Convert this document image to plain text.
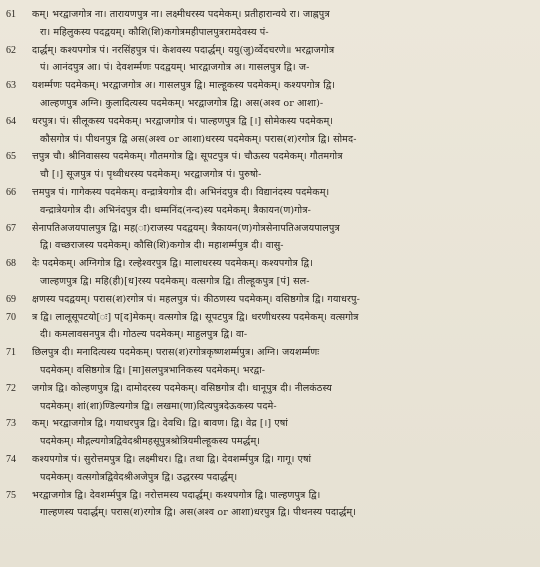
61	कम्। भरद्वाजगोत्र ना। तारायणपुत्र ना। लक्ष्मीधरस्य पदमेकम्। प्रतीहारान्वये रा। जाह्नपुत्र
रा। महिलुकस्य पदद्वयम्। कौशि(शि)कगोत्रमहीपालपुत्ररामदेवस्य पं-
62	दार्द्धम्। कश्यपगोत्र पं। नरसिंहपुत्र पं। केशवस्य पदार्द्धम्। ययु(जु)र्व्वेदचरणे॥ भरद्वाजगोत्र
पं। आनंदपुत्र आ। पं। देवशर्म्मणः पदद्वयम्। भारद्वाजगोत्र अ। गासलपुत्र द्वि। ज-
63	यशर्म्मणः पदमेकम्। भरद्वाजगोत्र अ। गासलपुत्र द्वि। माल्हूकस्य पदमेकम्। कश्यपगोत्र द्वि।
आल्हणपुत्र अग्नि। कुलादित्यस्य पदमेकम्। भरद्वाजगोत्र द्वि। अस(अश्व or आशा)-
64	धरपुत्र। पं। सीलूकस्य पदमेकम्। भरद्वाजगोत्र पं। पाल्हणपुत्र द्वि [।] सोमेकस्य पदमेकम्।
कौसगोत्र पं। पीथनपुत्र द्वि अस(अश्व or आशा)धरस्य पदमेकम्। परास(श)रगोत्र द्वि। सोमद-
65	त्तपुत्र चौ। श्रीनिवासस्य पदमेकम्। गौतमगोत्र द्वि। सूपटपुत्र पं। चौऊस्य पदमेकम्। गौतमगोत्र
चौ [।] सूजपुत्र पं। पृथ्वीधरस्य पदमेकम्। भरद्वाजगोत्र पं। पुरुषो-
66	त्तमपुत्र पं। गागेकस्य पदमेकम्। वन्द्रात्रेयगोत्र दी। अभिनंदपुत्र दी। विद्यानंदस्य पदमेकम्।
वन्द्रात्रेयगोत्र दी। अभिनंदपुत्र दी। धम्मनिंद(नन्द)स्य पदमेकम्। त्रैकायन(ण)गोत्र-
67	सेनापतिअजयपालपुत्र द्वि। मह(ा)राजस्य पदद्वयम्। त्रैकायन(ण)गोत्रसेनापतिअजयपालपुत्र
द्वि। वच्छराजस्य पदमेकम्। कौसि(शि)कगोत्र दी। महाशर्म्मपुत्र दी। वासु-
68	देः पदमेकम्। अग्निगोत्र द्वि। रल्हेश्वरपुत्र द्वि। मालाधरस्य पदमेकम्। कश्यपगोत्र द्वि।
जाल्हणपुत्र द्वि। महि(ही)[ध]रस्य पदमेकम्। वत्सगोत्र द्वि। तील्हूकपुत्र [पं] सल-
69	क्षणस्य पदद्वयम्। परास(श)रगोत्र पं। महलपुत्र पं। कीठणस्य पदमेकम्। वसिष्ठगोत्र द्वि। गयाधरपु-
70	त्र द्वि। लालूसूपटयो[ः] प[द]मेकम्। वत्सगोत्र द्वि। सूपटपुत्र द्वि। धरणीधरस्य पदमेकम्। वत्सगोत्र
दी। कमलावसनपुत्र दी। गोठल्य पदमेकम्। माहुलपुत्र द्वि। वा-
71	छिलपुत्र दी। मनादित्यस्य पदमेकम्। परास(श)रगोत्रकृष्णशर्म्मपुत्र। अग्नि। जयशर्म्मणः
पदमेकम्। वसिष्ठगोत्र द्वि। [मा]सलपुत्रभानिकस्य पदमेकम्। भरद्वा-
72	जगोत्र द्वि। कोल्हणपुत्र द्वि। दामोदरस्य पदमेकम्। वसिष्ठगोत्र दी। धानूपुत्र दी। नीलकंठस्य
पदमेकम्। शां(शा)ण्डिल्यगोत्र द्वि। लखमा(णा)दित्यपुत्रदेऊकस्य पदमे-
73	कम्। भरद्वाजगोत्र द्वि। गयाधरपुत्र द्वि। देवधि। द्वि। बावण। द्वि। वेद्र [।] एषां
पदमेकम्। मौद्गल्यगोत्रद्विवेदश्रीमहसूपुत्रश्रोत्रियमील्हूकस्य पमर्द्धम्।
74	कश्यपगोत्र पं। सुरोत्तमपुत्र द्वि। लक्ष्मीधर। द्वि। तथा द्वि। देवशर्म्मपुत्र द्वि। गागू। एषां
पदमेकम्। वत्सगोत्रद्विवेदश्रीअजेपुत्र द्वि। उद्धरस्य पदार्द्धम्।
75	भरद्वाजगोत्र द्वि। देवशर्म्मपुत्र द्वि। नरोत्तमस्य पदार्द्धम्। कश्यपगोत्र द्वि। पाल्हणपुत्र द्वि।
गाल्हणस्य पदार्द्धम्। परास(श)रगोत्र द्वि। अस(अश्व or आशा)धरपुत्र द्वि। पीथनस्य पदार्द्धम्।
